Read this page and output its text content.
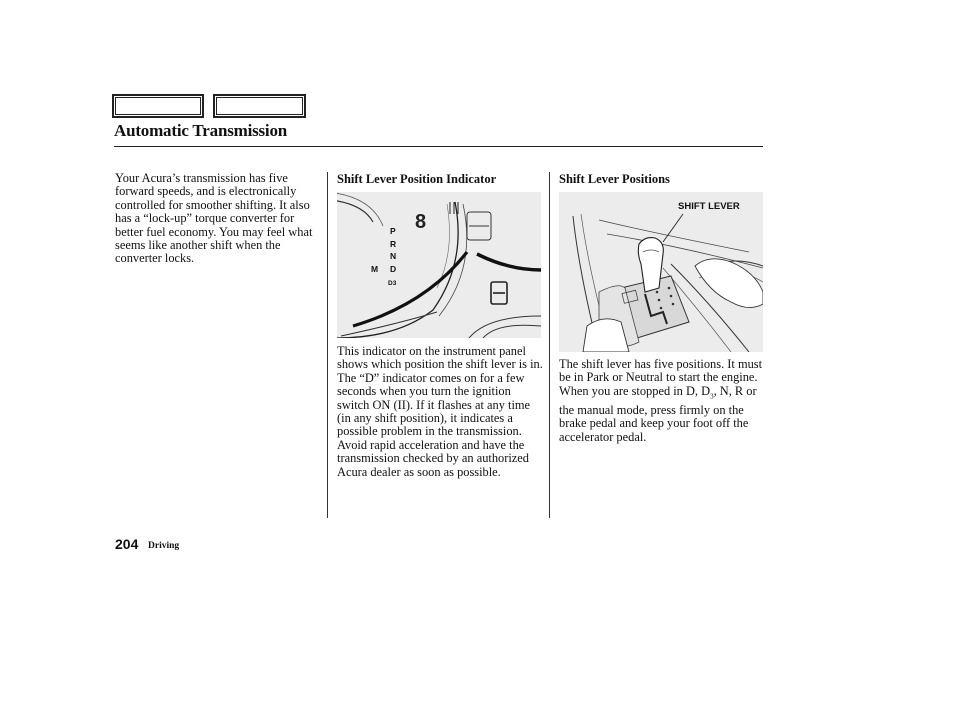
Automatic Transmission
Your Acura’s transmission has five forward speeds, and is electronically controlled for smoother shifting. It also has a “lock-up” torque converter for better fuel economy. You may feel what seems like another shift when the converter locks.
Shift Lever Position Indicator
8
P
R
N
D
D3
M

This indicator on the instrument panel shows which position the shift lever is in.

The “D” indicator comes on for a few seconds when you turn the ignition switch ON (II). If it flashes at any time (in any shift position), it indicates a possible problem in the transmission. Avoid rapid acceleration and have the transmission checked by an authorized Acura dealer as soon as possible.

Shift Lever Positions
SHIFT LEVER
The shift lever has five positions. It must be in Park or Neutral to start the engine. When you are stopped in D, $D_3$, N, R or the manual mode, press firmly on the brake pedal and keep your foot off the accelerator pedal.
204 Driving
